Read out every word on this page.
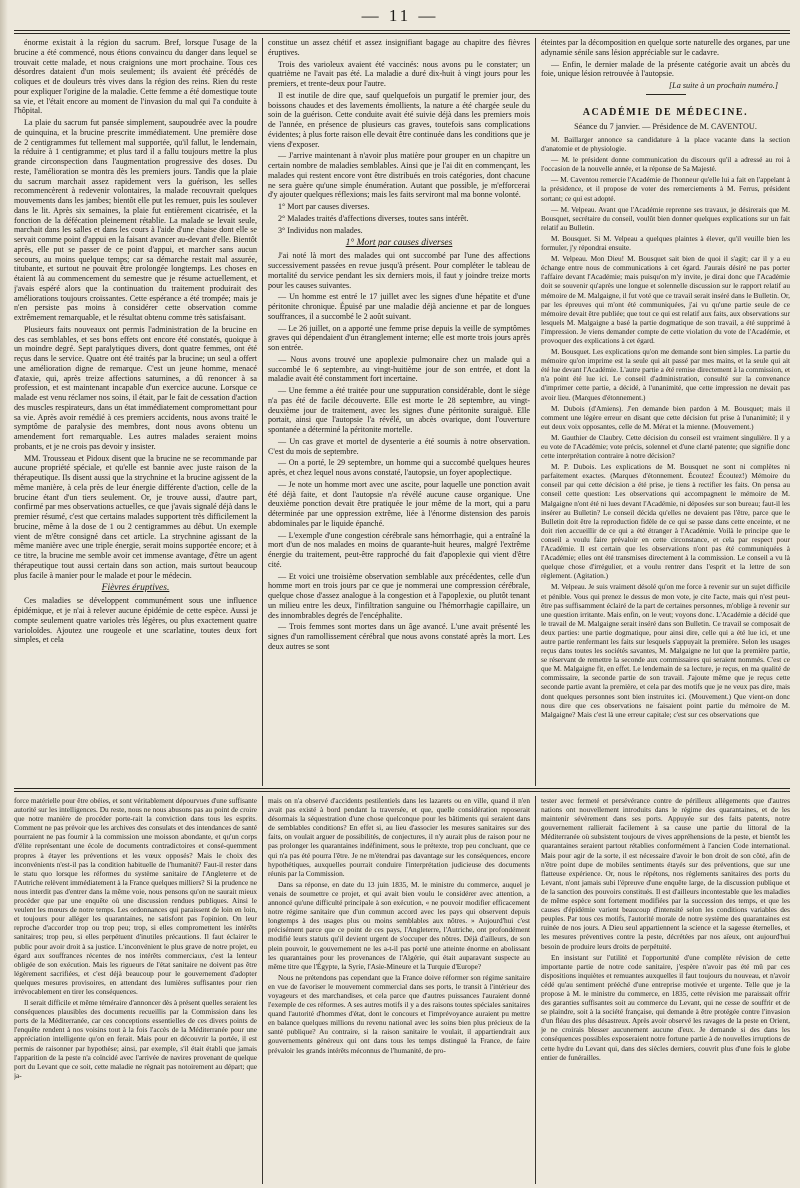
— 11 —

énorme existait à la région du sacrum. Bref, lorsque l'usage de la brucine a été commencé, nous étions convaincu du danger dans lequel se trouvait cette malade, et nous craignions une mort prochaine. Tous ces désordres dataient d'un mois seulement; ils avaient été précédés de coliques et de douleurs très vives dans la région des reins. Rien du reste pour expliquer l'origine de la maladie. Cette femme a été domestique toute sa vie, et l'était encore au moment de l'invasion du mal qui l'a conduite à l'hôpital.

La plaie du sacrum fut pansée simplement, saupoudrée avec la poudre de quinquina, et la brucine prescrite immédiatement. Une première dose de 2 centigrammes fut tellement mal supportée, qu'il fallut, le lendemain, la réduire à 1 centigramme; et plus tard il a fallu toujours mettre la plus grande circonspection dans l'augmentation progressive des doses. Du reste, l'amélioration se montra dès les premiers jours. Tandis que la plaie du sacrum marchait assez rapidement vers la guérison, les selles recommencèrent à redevenir volontaires, la malade recouvrait quelques mouvements dans les jambes; bientôt elle put les remuer, puis les soulever dans le lit. Après six semaines, la plaie fut entièrement cicatrisée, et la fonction de la défécation pleinement rétablie. La malade se levait seule, marchait dans les salles et dans les cours à l'aide d'une chaise dont elle se servait comme point d'appui en la faisant avancer au-devant d'elle. Bientôt après, elle put se passer de ce point d'appui, et marcher sans aucun secours, au moins quelque temps; car sa démarche restait mal assurée, titubante, et surtout ne pouvait être prolongée longtemps. Les choses en étaient là au commencement du semestre que je résume actuellement, et j'avais espéré alors que la continuation du traitement produirait des améliorations toujours croissantes. Cette espérance a été trompée; mais je n'en persiste pas moins à considérer cette observation comme extrêmement remarquable, et le résultat obtenu comme très satisfaisant.

Plusieurs faits nouveaux ont permis l'administration de la brucine en des cas semblables, et ses bons effets ont encore été constatés, quoique à un moindre degré. Sept paralytiques divers, dont quatre femmes, ont été reçus dans le service. Quatre ont été traités par la brucine; un seul a offert une amélioration digne de remarque. C'est un jeune homme, menacé d'ataxie, qui, après treize affections saturnines, a dû renoncer à sa profession, et est maintenant incapable d'un exercice aucune. Lorsque ce malade est venu réclamer nos soins, il était, par le fait de cessation d'action des muscles respirateurs, dans un état immédiatement compromettant pour sa vie. Après avoir remédié à ces premiers accidents, nous avons traité le symptôme de paralysie des membres, dont nous avons obtenu un amendement fort remarquable. Les autres malades seraient moins probants, et je ne crois pas devoir y insister.

MM. Trousseau et Pidoux disent que la brucine ne se recommande par aucune propriété spéciale, et qu'elle est bannie avec juste raison de la thérapeutique. Ils disent aussi que la strychnine et la brucine agissent de la même manière, à cela près de leur énergie différente d'action, celle de la brucine étant d'un tiers seulement. Or, je trouve aussi, d'autre part, confirmé par mes observations actuelles, ce que j'avais signalé déjà dans le premier résumé, c'est que certains malades supportent très difficilement la brucine, même à la dose de 1 ou 2 centigrammes au début. Un exemple vient de m'être consigné dans cet article. La strychnine agissant de la même manière avec une triple énergie, serait moins supportée encore; et à ce titre, la brucine me semble avoir cet immense avantage, d'être un agent thérapeutique tout aussi certain dans son action, mais surtout beaucoup plus facile à manier pour le malade et pour le médecin.

Fièvres éruptives.

Ces maladies se développent communément sous une influence épidémique, et je n'ai à relever aucune épidémie de cette espèce. Aussi je compte seulement quatre varioles très légères, ou plus exactement quatre varioloïdes. Ajoutez une rougeole et une scarlatine, toutes deux fort simples, et cela

constitue un assez chétif et assez insignifiant bagage au chapitre des fièvres éruptives.

Trois des varioleux avaient été vaccinés: nous avons pu le constater; un quatrième ne l'avait pas été. La maladie a duré dix-huit à vingt jours pour les premiers, et trente-deux pour l'autre.

Il est inutile de dire que, sauf quelquefois un purgatif le premier jour, des boissons chaudes et des lavements émollients, la nature a été chargée seule du soin de la guérison. Cette conduite avait été suivie déjà dans les premiers mois de l'année, en présence de plusieurs cas graves, toutefois sans complications évidentes; à plus forte raison elle devait être continuée dans les conditions que je viens d'exposer.

— J'arrive maintenant à n'avoir plus matière pour grouper en un chapitre un certain nombre de maladies semblables. Ainsi que je l'ai dit en commençant, les malades qui restent encore vont être distribués en trois catégories, dont chacune ne sera guère qu'une simple énumération. Autant que possible, je m'efforcerai d'y ajouter quelques réflexions; mais les faits serviront mal ma bonne volonté.

1° Mort par causes diverses.

2° Malades traités d'affections diverses, toutes sans intérêt.

3° Individus non malades.

1° Mort par causes diverses

J'ai noté là mort des malades qui ont succombé par l'une des affections successivement passées en revue jusqu'à présent. Pour compléter le tableau de mortalité du service pendant les six derniers mois, il faut y joindre treize morts pour les causes suivantes.

— Un homme est entré le 17 juillet avec les signes d'une hépatite et d'une péritonite chronique. Épuisé par une maladie déjà ancienne et par de longues souffrances, il a succombé le 2 août suivant.

— Le 26 juillet, on a apporté une femme prise depuis la veille de symptômes graves qui dépendaient d'un étranglement interne; elle est morte trois jours après son entrée.

— Nous avons trouvé une apoplexie pulmonaire chez un malade qui a succombé le 6 septembre, au vingt-huitième jour de son entrée, et dont la maladie avait été constamment fort incertaine.

— Une femme a été traitée pour une suppuration considérable, dont le siège n'a pas été de facile découverte. Elle est morte le 28 septembre, au vingt-deuxième jour de traitement, avec les signes d'une péritonite suraiguë. Elle portait, ainsi que l'autopsie l'a révélé, un abcès ovarique, dont l'ouverture spontanée a déterminé la péritonite mortelle.

— Un cas grave et mortel de dysenterie a été soumis à notre observation. C'est du mois de septembre.

— On a porté, le 29 septembre, un homme qui a succombé quelques heures après, et chez lequel nous avons constaté, l'autopsie, un foyer apoplectique.

— Je note un homme mort avec une ascite, pour laquelle une ponction avait été déjà faite, et dont l'autopsie n'a révélé aucune cause organique. Une deuxième ponction devait être pratiquée le jour même de la mort, qui a paru déterminée par une oppression extrême, liée à l'énorme distension des parois abdominales par le liquide épanché.

— L'exemple d'une congestion cérébrale sans hémorrhagie, qui a entraîné la mort d'un de nos malades en moins de quarante-huit heures, malgré l'extrême énergie du traitement, peut-être rapproché du fait d'apoplexie qui vient d'être cité.

— Et voici une troisième observation semblable aux précédentes, celle d'un homme mort en trois jours par ce que je nommerai une compression cérébrale, quelque chose d'assez analogue à la congestion et à l'apoplexie, ou plutôt tenant un milieu entre les deux, l'infiltration sanguine ou l'hémorrhagie capillaire, un des innombrables degrés de l'encéphalite.

— Trois femmes sont mortes dans un âge avancé. L'une avait présenté les signes d'un ramollissement cérébral que nous avons constaté après la mort. Les deux autres se sont

éteintes par la décomposition en quelque sorte naturelle des organes, par une adynamie sénile sans lésion appréciable sur le cadavre.

— Enfin, le dernier malade de la présente catégorie avait un abcès du foie, unique lésion retrouvée à l'autopsie.

[La suite à un prochain numéro.]
ACADÉMIE DE MÉDECINE.
Séance du 7 janvier. — Présidence de M. CAVENTOU.

M. Baillarger annonce sa candidature à la place vacante dans la section d'anatomie et de physiologie.

— M. le président donne communication du discours qu'il a adressé au roi à l'occasion de la nouvelle année, et la réponse de Sa Majesté.

— M. Caventou remercie l'Académie de l'honneur qu'elle lui a fait en l'appelant à la présidence, et il propose de voter des remerciements à M. Ferrus, président sortant; ce qui est adopté.

— M. Velpeau. Avant que l'Académie reprenne ses travaux, je désirerais que M. Bousquet, secrétaire du conseil, voulût bien donner quelques explications sur un fait relatif au Bulletin.

M. Bousquet. Si M. Velpeau a quelques plaintes à élever, qu'il veuille bien les formuler, j'y répondrai ensuite.

M. Velpeau. Mon Dieu! M. Bousquet sait bien de quoi il s'agit; car il y a eu échange entre nous de communications à cet égard. J'aurais désiré ne pas porter l'affaire devant l'Académie; mais puisqu'on m'y invite, je dirai donc que l'Académie doit se souvenir qu'après une longue et solennelle discussion sur le rapport relatif au mémoire de M. Malgaigne, il fut voté que ce travail serait inséré dans le Bulletin. Or, par les épreuves qui m'ont été communiquées, j'ai vu qu'une partie seule de ce mémoire devait être publiée; que tout ce qui est relatif aux faits, aux observations sur lesquels M. Malgaigne a basé la partie dogmatique de son travail, a été supprimé à l'impression. Je viens demander compte de cette violation du vote de l'Académie, et provoquer des explications à cet égard.

M. Bousquet. Les explications qu'on me demande sont bien simples. La partie du mémoire qu'on imprime est la seule qui ait passé par mes mains, et la seule qui ait été lue devant l'Académie. L'autre partie a été remise directement à la commission, et n'a point été lue ici. Le conseil d'administration, consulté sur la convenance d'imprimer cette partie, a décidé, à l'unanimité, que cette impression ne devait pas avoir lieu. (Marques d'étonnement.)

M. Dubois (d'Amiens). J'en demande bien pardon à M. Bousquet; mais il comment une légère erreur en disant que cette décision fut prise à l'unanimité; il y eut deux voix opposantes, celle de M. Mérat et la mienne. (Mouvement.)

M. Gauthier de Claubry. Cette décision du conseil est vraiment singulière. Il y a eu vote de l'Académie; vote précis, solennel et d'une clarté patente; que signifie donc cette interprétation contraire à notre décision?

M. P. Dubois. Les explications de M. Bousquet ne sont ni complètes ni parfaitement exactes. (Marques d'étonnement. Écoutez! Écoutez!) Mémoire du conseil par qui cette décision a été prise, je tiens à rectifier les faits. On pensa au conseil cette question: Les observations qui accompagnent le mémoire de M. Malgaigne n'ont été ni lues devant l'Académie, ni déposées sur son bureau; faut-il les insérer au Bulletin? Le conseil décida qu'elles ne devaient pas l'être, parce que le Bulletin doit être la reproduction fidèle de ce qui se passe dans cette enceinte, et ne doit rien accueillir de ce qui a été étranger à l'Académie. Voilà le principe que le conseil a voulu faire prévaloir en cette circonstance, et cela par respect pour l'Académie. Il est certain que les observations n'ont pas été communiquées à l'Académie; elles ont été transmises directement à la commission. Le conseil a vu là quelque chose d'irrégulier, et a voulu rentrer dans l'esprit et la lettre de son règlement. (Agitation.)

M. Velpeau. Je suis vraiment désolé qu'on me force à revenir sur un sujet difficile et pénible. Vous qui prenez le dessus de mon vote, je cite l'acte, mais qui n'est peut-être pas suffisamment éclairé de la part de certaines personnes, m'oblige à revenir sur une question irritante. Mais enfin, on le veut; voyons donc. L'Académie a décidé que le travail de M. Malgaigne serait inséré dans son Bulletin. Ce travail se composait de deux parties: une partie dogmatique, pour ainsi dire, celle qui a été lue ici, et une autre partie renfermant les faits sur lesquels s'appuyait la première. Selon les usages reçus dans toutes les sociétés savantes, M. Malgaigne ne lut que la première partie, se réservant de remettre la seconde aux commissaires qui seraient nommés. C'est ce que M. Malgaigne fit, en effet. Le lendemain de sa lecture, je reçus, en ma qualité de commissaire, la seconde partie de son travail. J'ajoute même que je reçus cette seconde partie avant la première, et cela par des motifs que je ne veux pas dire, mais dont quelques personnes sont bien instruites ici. (Mouvement.) Que vient-on donc nous dire que ces observations ne faisaient point partie du mémoire de M. Malgaigne? Mais c'est là une erreur capitale; c'est sur ces observations que

force matérielle pour être obéies, et sont véritablement dépourvues d'une suffisante autorité sur les intelligences. Du reste, nous ne nous abusons pas au point de croire que notre manière de procéder porte-rait la conviction dans tous les esprits. Comment ne pas prévoir que les archives des consulats et des intendances de santé pourraient ne pas fournir à la commission une moisson abondante, et qu'un corps d'élite représentant une école de documents contradictoires et consé-quemment propres à étayer les préventions et les vœux opposés? Mais le choix des inconvénients n'est-il pas la condition habituelle de l'humanité? Faut-il rester dans le statu quo lorsque les réformes du système sanitaire de l'Angleterre et de l'Autriche relèvent immédiatement à la France quelques milliers? Si la prudence ne nous interdit pas d'entrer dans la même voie, nous pensons qu'on ne saurait mieux procéder que par une enquête où une discussion rendues publiques. Ainsi le veulent les mœurs de notre temps. Les ordonnances qui paraissent de loin en loin, et toujours pour alléger les quarantaines, ne satisfont pas l'opinion. On leur reproche d'accorder trop ou trop peu; trop, si elles compromettent les intérêts sanitaires; trop peu, si elles perpétuent d'inutiles précautions. Il faut éclairer le public pour avoir droit à sa justice. L'inconvénient le plus grave de notre projet, eu égard aux souffrances récentes de nos intérêts commerciaux, c'est la lenteur obligée de son exécution. Mais les rigueurs de l'état sanitaire ne doivent pas être légèrement sacrifiées, et c'est déjà beaucoup pour le gouvernement d'adopter quelques mesures provisoires, en attendant des lumières suffisantes pour rien irrévocablement en tirer les conséquences.

Il serait difficile et même téméraire d'annoncer dès à présent quelles seraient les conséquences plausibles des documents recueillis par la Commission dans les ports de la Méditerranée, car ces conceptions essentielles de ces divers points de l'enquête rendent à nos voisins tout à la fois l'accès de la Méditerranée pour une appréciation intelligente qu'on en ferait. Mais pour en découvrir la portée, il est permis de raisonner par hypothèse; ainsi, par exemple, s'il était établi que jamais l'apparition de la peste n'a coïncidé avec l'arrivée de navires provenant de quelque port du Levant que ce soit, cette maladie ne règnait pas notoirement au départ; que ja-

mais on n'a observé d'accidents pestilentiels dans les lazarets ou en ville, quand il n'en avait pas existé à bord pendant la traversée, et que, quelle considération reposerait désormais la séquestration d'une chose quelconque pour les bâtiments qui seraient dans de semblables conditions? En effet si, au lieu d'associer les mesures sanitaires sur des faits, on voulait arguer de possibilités, de conjectures, il n'y aurait plus de raison pour ne pas prolonger les quarantaines indéfiniment, sous le prétexte, trop peu concluant, que ce qui n'a pas été pourra l'être. Je ne m'étendrai pas davantage sur les conséquences, encore hypothétiques, auxquelles pourrait conduire l'interprétation judicieuse des documents réunis par la Commission.

Dans sa réponse, en date du 13 juin 1835, M. le ministre du commerce, auquel je venais de soumettre ce projet, et qui avait bien voulu le considérer avec attention, a annoncé qu'une difficulté principale à son exécution, « ne pouvoir modifier efficacement notre régime sanitaire que d'un commun accord avec les pays qui observent depuis longtemps à des usages plus ou moins semblables aux nôtres. » Aujourd'hui c'est précisément parce que ce point de ces pays, l'Angleterre, l'Autriche, ont profondément modifié leurs statuts qu'il devient urgent de s'occuper des nôtres. Déjà d'ailleurs, de son plein pouvoir, le gouvernement ne les a-t-il pas porté une atteinte énorme en abolissant les quarantaines pour les provenances de l'Algérie, qui était auparavant suspecte au même titre que l'Égypte, la Syrie, l'Asie-Mineure et la Turquie d'Europe?

Nous ne prétendons pas cependant que la France doive réformer son régime sanitaire en vue de favoriser le mouvement commercial dans ses ports, le transit à l'intérieur des voyageurs et des marchandises, et cela parce que d'autres puissances l'auraient donné l'exemple de ces réformes. A ses autres motifs il y a des raisons toutes spéciales sanitaires quand l'autorité d'hommes d'état, dont le concours et l'imprévoyance auraient pu mettre en balance quelques millions du revenu national avec les soins bien plus précieux de la santé publique? Au contraire, si la raison sanitaire le voulait, il appartiendrait aux gouvernements généreux qui ont dans tous les temps distingué la France, de faire prévaloir les grands intérêts méconnus de l'humanité, de pro-

tester avec fermeté et persévérance contre de périlleux allègements que d'autres nations ont nouvellement introduits dans le régime des quarantaines, et de les maintenir sévèrement dans ses ports. Appuyée sur des faits patents, notre gouvernement rallierait facilement à sa cause une partie du littoral de la Méditerranée où subsistent toujours de vives appréhensions de la peste, et bientôt les quarantaines seraient partout rétablies conformément à l'ancien Code international. Mais pour agir de la sorte, il est nécessaire d'avoir le bon droit de son côté, afin de n'être point dupe de mobiles sentiments étayés sur des préventions, que sur une flatteuse expérience. Or, nous le répétons, nos règlements sanitaires des ports du Levant, n'ont jamais subi l'épreuve d'une enquête large, de la discussion publique et de la sanction des pouvoirs constitués. Il est d'ailleurs incontestable que les maladies de même espèce sont fortement modifiées par la succession des temps, et que les causes d'épidémie varient beaucoup d'intensité selon les conditions variables des peuples. Par tous ces motifs, l'autorité morale de notre système des quarantaines est ruinée de nos jours. A Dieu seul appartiennent la science et la sagesse éternelles, et les mesures préventives contre la peste, décrétées par nos aïeux, ont aujourd'hui besoin de produire leurs droits de perpétuité.

En insistant sur l'utilité et l'opportunité d'une complète révision de cette importante partie de notre code sanitaire, j'espère n'avoir pas été mû par ces dispositions inquiètes et remuantes auxquelles il faut toujours du nouveau, et n'avoir cédé qu'au sentiment prééché d'une entreprise motivée et urgente. Telle que je la propose à M. le ministre du commerce, en 1835, cette révision me paraissait offrir des garanties suffisantes soit au commerce du Levant, qui ne cesse de souffrir et de se plaindre, soit à la société française, qui demande à être protégée contre l'invasion d'un fléau des plus désastreux. Après avoir observé les ravages de la peste en Orient, je ne croirais blesser aucunement aucune d'eux. Je demande si des dans les conséquences possibles exposeraient notre fortune partie à de nouvelles irruptions de cette hydre du Levant qui, dans des siècles derniers, couvrit plus d'une fois le globe entier de funérailles.
